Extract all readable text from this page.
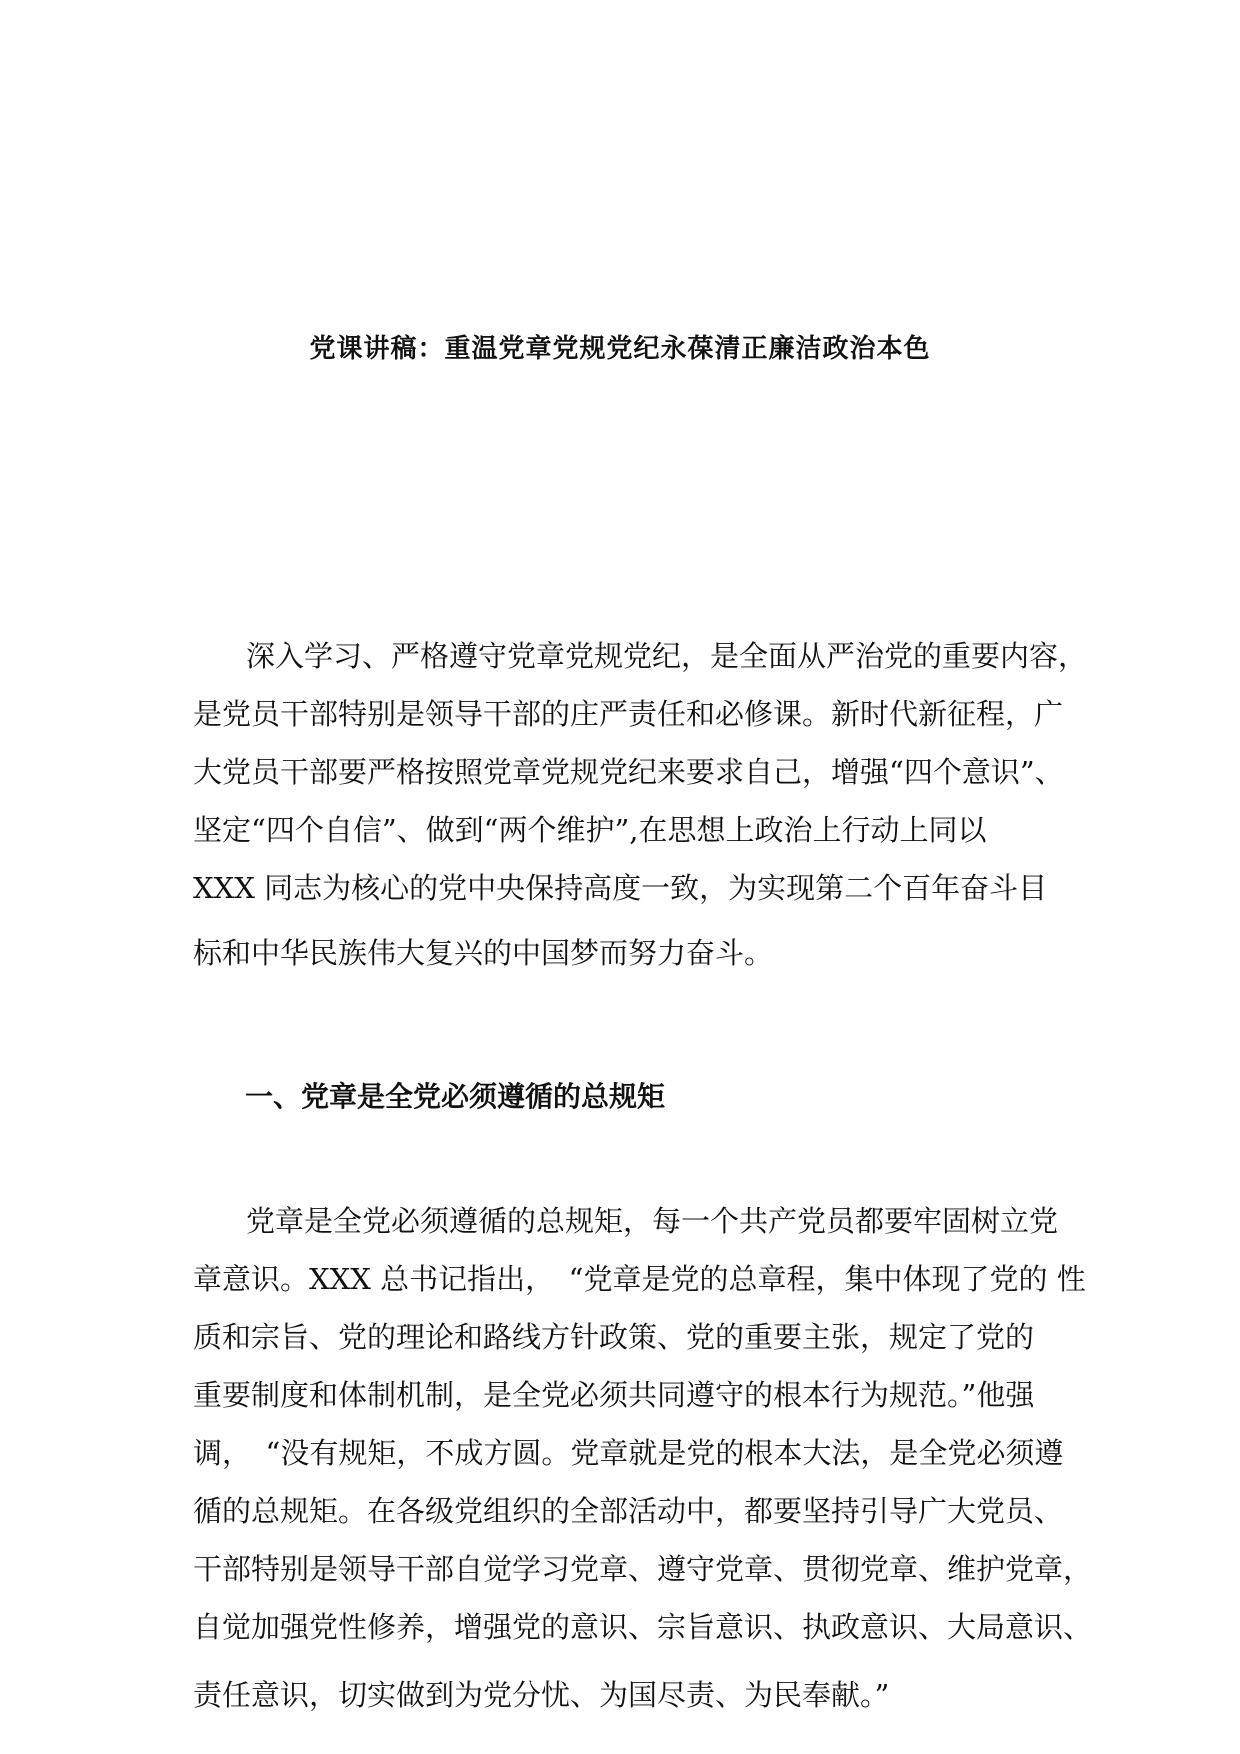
党课讲稿：重温党章党规党纪永葆清正廉洁政治本色

深入学习、严格遵守党章党规党纪，是全面从严治党的重要内容，

是党员干部特别是领导干部的庄严责任和必修课。新时代新征程，广

大党员干部要严格按照党章党规党纪来要求自己，增强“四个意识”、

坚定“四个自信”、做到“两个维护”,在思想上政治上行动上同以

XXX 同志为核心的党中央保持高度一致，为实现第二个百年奋斗目

标和中华民族伟大复兴的中国梦而努力奋斗。

一、党章是全党必须遵循的总规矩

党章是全党必须遵循的总规矩，每一个共产党员都要牢固树立党

章意识。XXX 总书记指出，　“党章是党的总章程，集中体现了党的 性

质和宗旨、党的理论和路线方针政策、党的重要主张，规定了党的

重要制度和体制机制，是全党必须共同遵守的根本行为规范。”他强

调，　“没有规矩，不成方圆。党章就是党的根本大法，是全党必须遵

循的总规矩。在各级党组织的全部活动中，都要坚持引导广大党员、

干部特别是领导干部自觉学习党章、遵守党章、贯彻党章、维护党章，

自觉加强党性修养，增强党的意识、宗旨意识、执政意识、大局意识、

责任意识，切实做到为党分忧、为国尽责、为民奉献。”
